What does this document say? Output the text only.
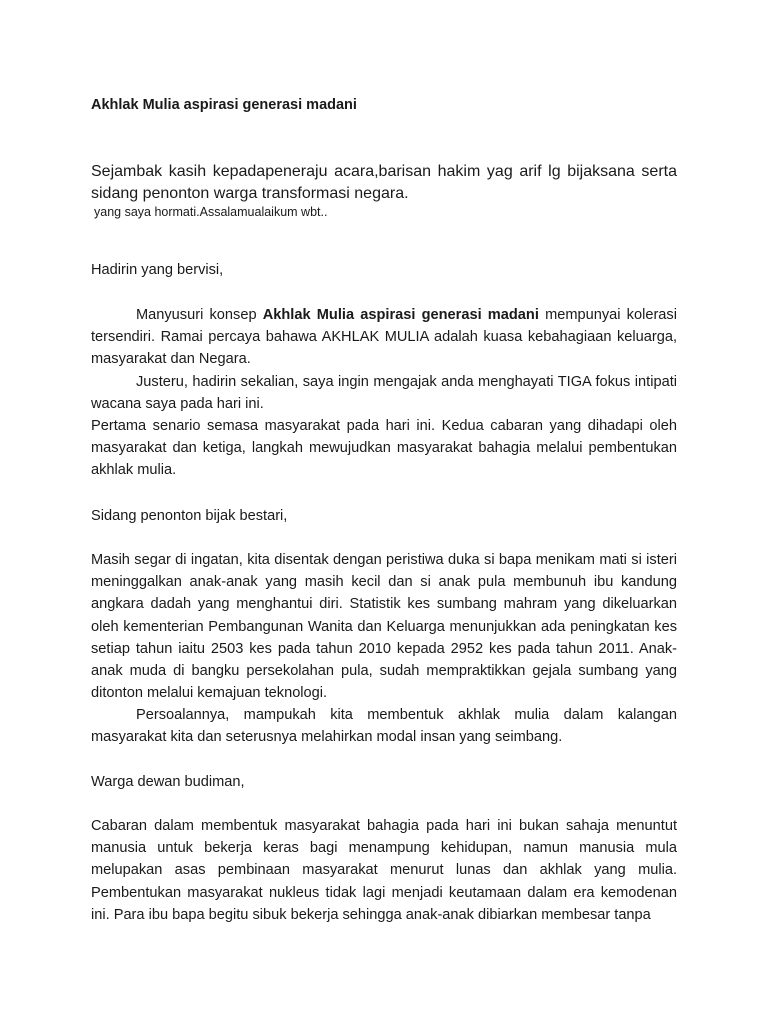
Akhlak Mulia aspirasi generasi madani

Sejambak kasih kepadapeneraju acara,barisan hakim yag arif lg bijaksana serta sidang penonton warga transformasi negara.

yang saya hormati.Assalamualaikum wbt..
Hadirin yang bervisi,

Manyusuri konsep Akhlak Mulia aspirasi generasi madani mempunyai kolerasi tersendiri. Ramai percaya bahawa AKHLAK MULIA adalah kuasa kebahagiaan keluarga, masyarakat dan Negara.

Justeru, hadirin sekalian, saya ingin mengajak anda menghayati TIGA fokus intipati wacana saya pada hari ini.

Pertama senario semasa masyarakat pada hari ini. Kedua cabaran yang dihadapi oleh masyarakat dan ketiga, langkah mewujudkan masyarakat bahagia melalui pembentukan akhlak mulia.

Sidang penonton bijak bestari,

Masih segar di ingatan, kita disentak dengan peristiwa duka si bapa menikam mati si isteri meninggalkan anak-anak yang masih kecil dan si anak pula membunuh ibu kandung angkara dadah yang menghantui diri. Statistik kes sumbang mahram yang dikeluarkan oleh kementerian Pembangunan Wanita dan Keluarga menunjukkan ada peningkatan kes setiap tahun iaitu 2503 kes pada tahun 2010 kepada 2952 kes pada tahun 2011. Anak-anak muda di bangku persekolahan pula, sudah mempraktikkan gejala sumbang yang ditonton melalui kemajuan teknologi.

Persoalannya, mampukah kita membentuk akhlak mulia dalam kalangan masyarakat kita dan seterusnya melahirkan modal insan yang seimbang.

Warga dewan budiman,

Cabaran dalam membentuk masyarakat bahagia pada hari ini bukan sahaja menuntut manusia untuk bekerja keras bagi menampung kehidupan, namun manusia mula melupakan asas pembinaan masyarakat menurut lunas dan akhlak yang mulia. Pembentukan masyarakat nukleus tidak lagi menjadi keutamaan dalam era kemodenan ini. Para ibu bapa begitu sibuk bekerja sehingga anak-anak dibiarkan membesar tanpa
